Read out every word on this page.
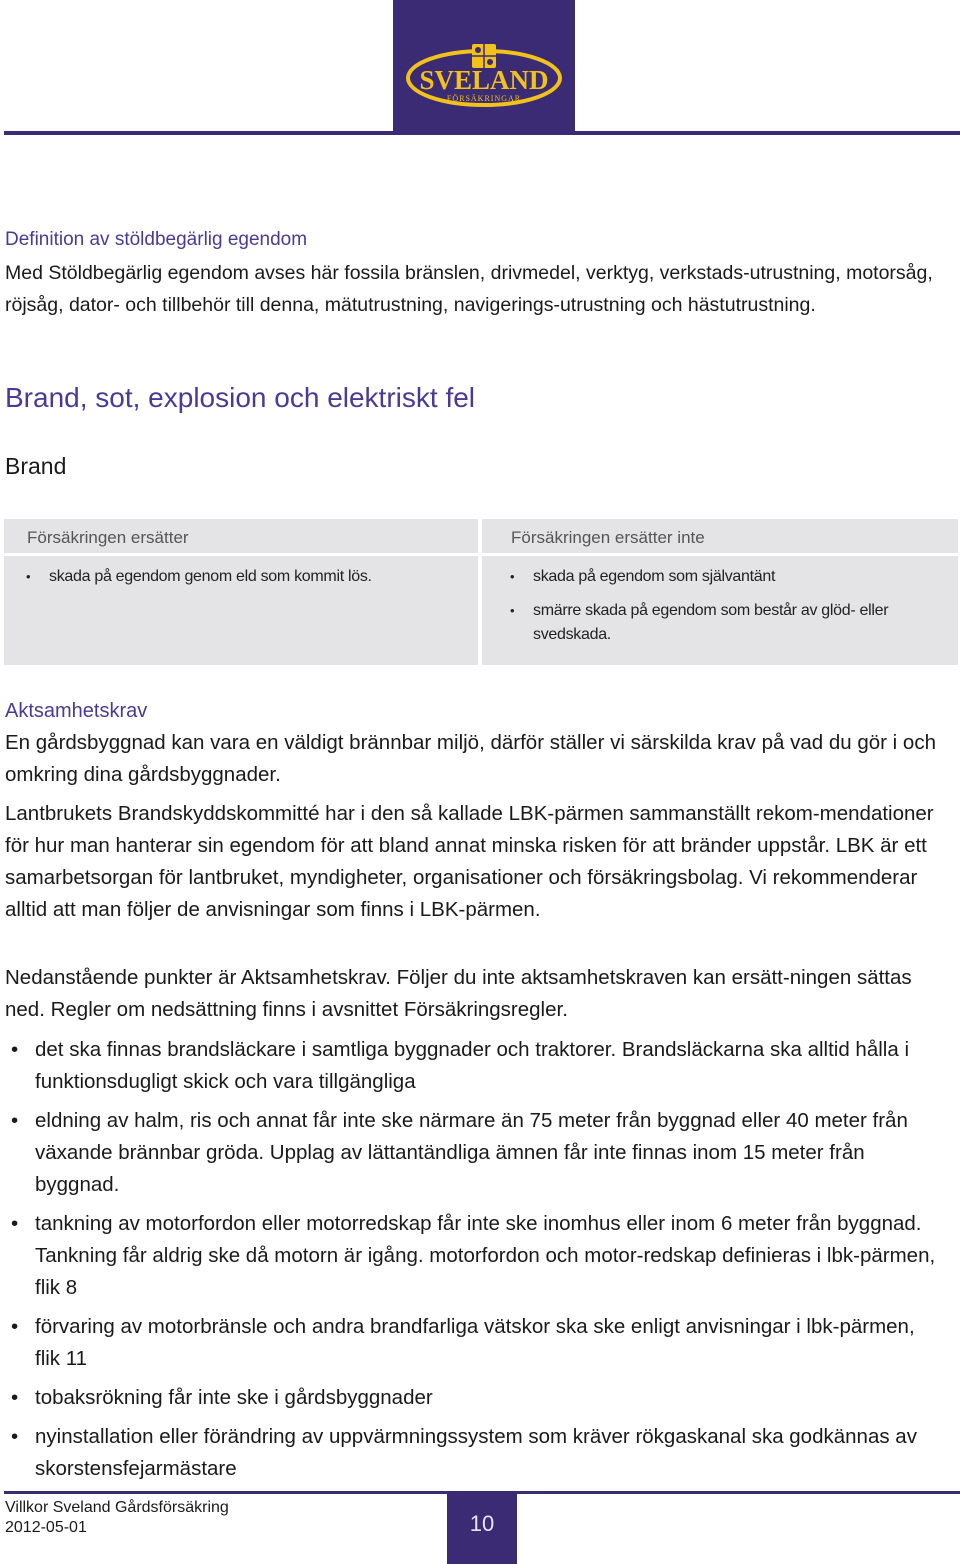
SVELAND
FÖRSÄKRINGAR
Definition av stöldbegärlig egendom

Med Stöldbegärlig egendom avses här fossila bränslen, drivmedel, verktyg, verkstads-utrustning, motorsåg, röjsåg, dator- och tillbehör till denna, mätutrustning, navigerings-utrustning och hästutrustning.

Brand, sot, explosion och elektriskt fel
Brand
Försäkringen ersätter
• skada på egendom genom eld som kommit lös.
Försäkringen ersätter inte
• skada på egendom som självantänt
• smärre skada på egendom som består av glöd- eller svedskada.
Aktsamhetskrav

En gårdsbyggnad kan vara en väldigt brännbar miljö, därför ställer vi särskilda krav på vad du gör i och omkring dina gårdsbyggnader.

Lantbrukets Brandskyddskommitté har i den så kallade LBK-pärmen sammanställt rekom-mendationer för hur man hanterar sin egendom för att bland annat minska risken för att bränder uppstår. LBK är ett samarbetsorgan för lantbruket, myndigheter, organisationer och försäkringsbolag. Vi rekommenderar alltid att man följer de anvisningar som finns i LBK-pärmen.

Nedanstående punkter är Aktsamhetskrav. Följer du inte aktsamhetskraven kan ersätt-ningen sättas ned. Regler om nedsättning finns i avsnittet Försäkringsregler.

• det ska finnas brandsläckare i samtliga byggnader och traktorer. Brandsläckarna ska alltid hålla i funktionsdugligt skick och vara tillgängliga
• eldning av halm, ris och annat får inte ske närmare än 75 meter från byggnad eller 40 meter från växande brännbar gröda. Upplag av lättantändliga ämnen får inte finnas inom 15 meter från byggnad.
• tankning av motorfordon eller motorredskap får inte ske inomhus eller inom 6 meter från byggnad. Tankning får aldrig ske då motorn är igång. motorfordon och motor-redskap definieras i lbk-pärmen, flik 8
• förvaring av motorbränsle och andra brandfarliga vätskor ska ske enligt anvisningar i lbk-pärmen, flik 11
• tobaksrökning får inte ske i gårdsbyggnader
• nyinstallation eller förändring av uppvärmningssystem som kräver rökgaskanal ska godkännas av skorstensfejarmästare

Villkor Sveland Gårdsförsäkring

2012-05-01	10
